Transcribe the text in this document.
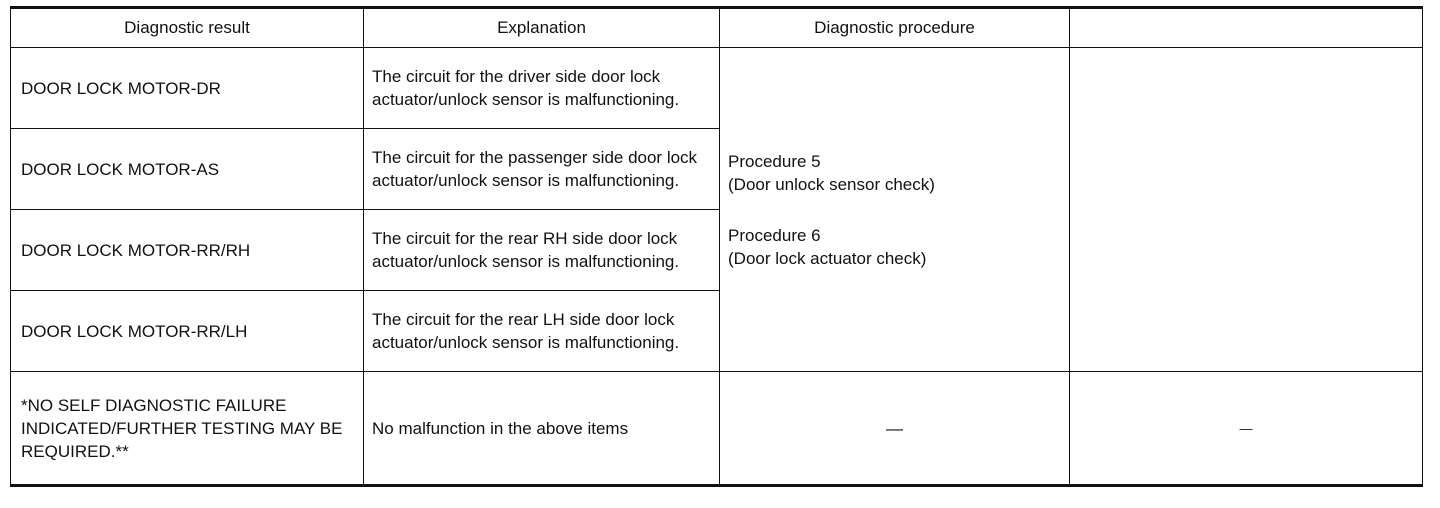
Diagnostic result	Explanation	Diagnostic procedure	
DOOR LOCK MOTOR-DR	The circuit for the driver side door lock actuator/unlock sensor is malfunctioning.	Procedure 5
(Door unlock sensor check)
Procedure 6
(Door lock actuator check)	

DOOR LOCK MOTOR-AS	The circuit for the passenger side door lock actuator/unlock sensor is malfunctioning.		
DOOR LOCK MOTOR-RR/RH	The circuit for the rear RH side door lock actuator/unlock sensor is malfunctioning.		
DOOR LOCK MOTOR-RR/LH	The circuit for the rear LH side door lock actuator/unlock sensor is malfunctioning.		
*NO SELF DIAGNOSTIC FAILURE INDICATED/FURTHER TESTING MAY BE REQUIRED.**	No malfunction in the above items	—	—
